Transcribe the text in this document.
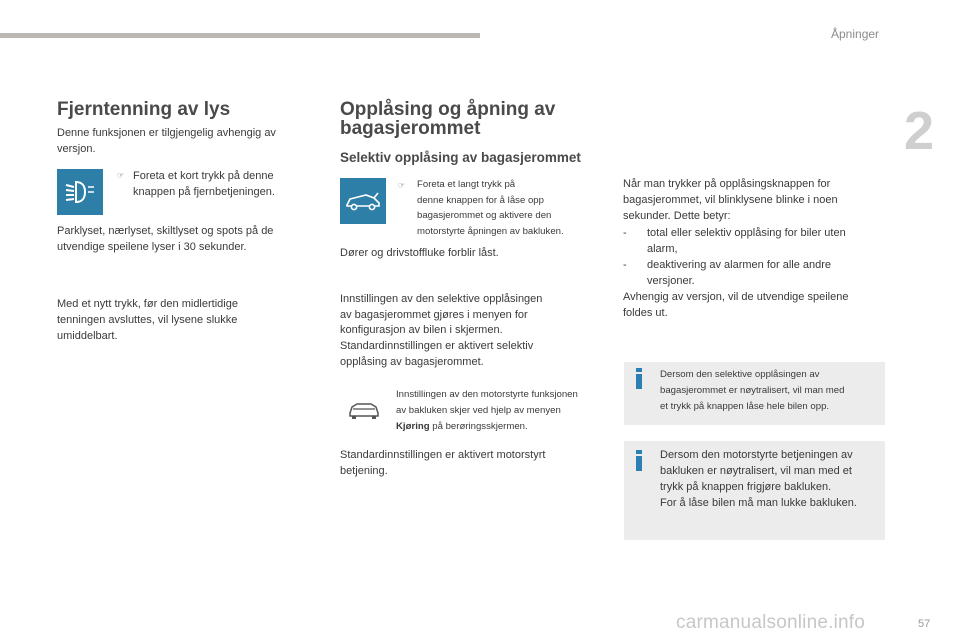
Åpninger
2
Fjerntenning av lys
Denne funksjonen er tilgjengelig avhengig av
versjon.
☞ Foreta et kort trykk på denne
knappen på fjernbetjeningen.
Parklyset, nærlyset, skiltlyset og spots på de
utvendige speilene lyser i 30 sekunder.
Med et nytt trykk, før den midlertidige
tenningen avsluttes, vil lysene slukke
umiddelbart.
Opplåsing og åpning av
bagasjerommet
Selektiv opplåsing av bagasjerommet
☞ Foreta et langt trykk på
denne knappen for å låse opp
bagasjerommet og aktivere den
motorstyrte åpningen av bakluken.
Dører og drivstoffluke forblir låst.
Innstillingen av den selektive opplåsingen
av bagasjerommet gjøres i menyen for
konfigurasjon av bilen i skjermen.
Standardinnstillingen er aktivert selektiv
opplåsing av bagasjerommet.
Innstillingen av den motorstyrte funksjonen
av bakluken skjer ved hjelp av menyen
Kjøring på berøringsskjermen.
Standardinnstillingen er aktivert motorstyrt
betjening.
Når man trykker på opplåsingsknappen for
bagasjerommet, vil blinklysene blinke i noen
sekunder. Dette betyr:
- total eller selektiv opplåsing for biler uten
alarm,
- deaktivering av alarmen for alle andre
versjoner.
Avhengig av versjon, vil de utvendige speilene
foldes ut.
Dersom den selektive opplåsingen av
bagasjerommet er nøytralisert, vil man med
et trykk på knappen låse hele bilen opp.
Dersom den motorstyrte betjeningen av
bakluken er nøytralisert, vil man med et
trykk på knappen frigjøre bakluken.
For å låse bilen må man lukke bakluken.
carmanualsonline.info	57
